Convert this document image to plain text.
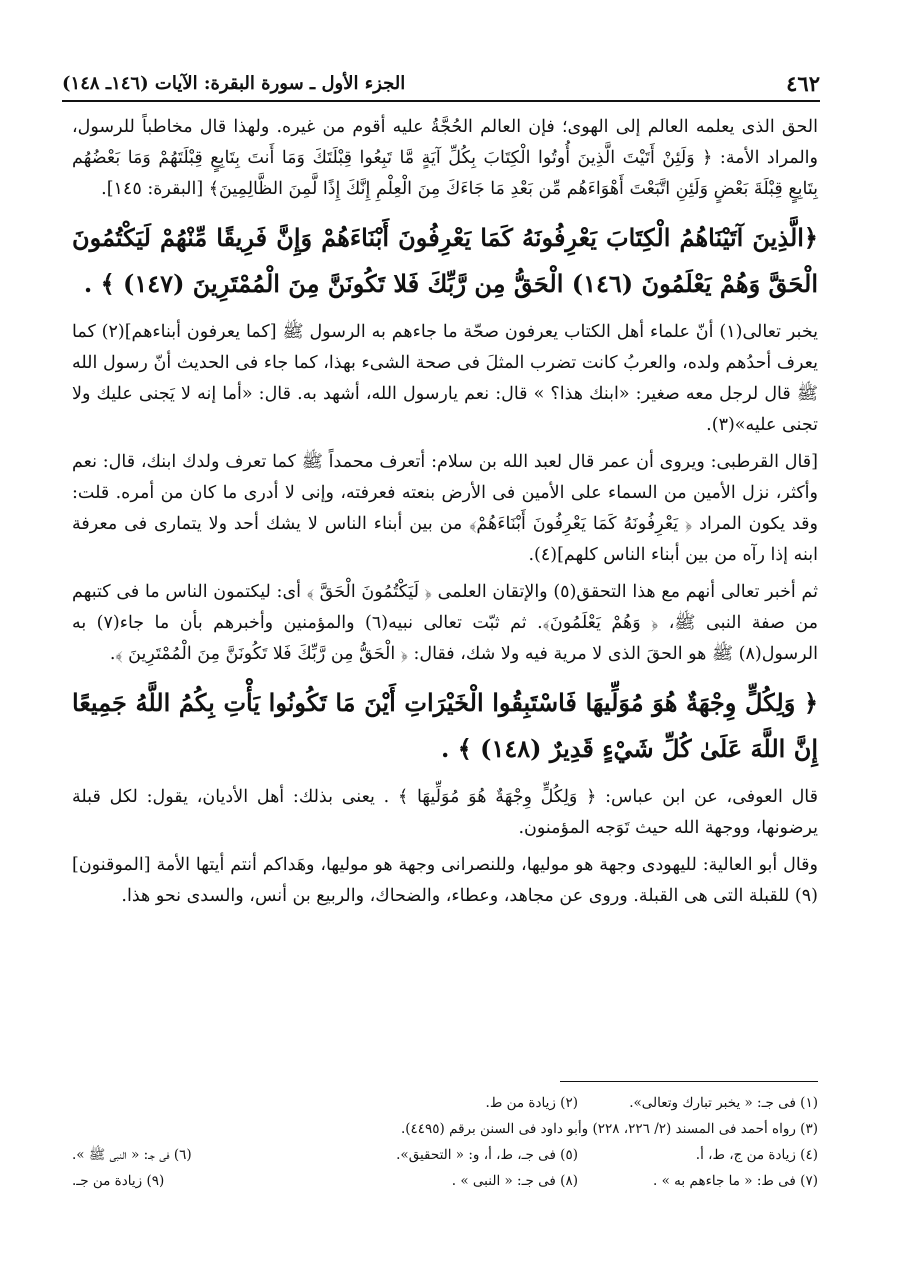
٤٦٢
الجزء الأول ـ سورة البقرة: الآيات (١٤٦ـ ١٤٨)

الحق الذى يعلمه العالم إلى الهوى؛ فإن العالم الحُجَّةُ عليه أقوم من غيره. ولهذا قال مخاطباً للرسول، والمراد الأمة: ﴿ وَلَئِنْ أَتَيْتَ الَّذِينَ أُوتُوا الْكِتَابَ بِكُلِّ آيَةٍ مَّا تَبِعُوا قِبْلَتَكَ وَمَا أَنتَ بِتَابِعٍ قِبْلَتَهُمْ وَمَا بَعْضُهُم بِتَابِعٍ قِبْلَةَ بَعْضٍ وَلَئِنِ اتَّبَعْتَ أَهْوَاءَهُم مِّن بَعْدِ مَا جَاءَكَ مِنَ الْعِلْمِ إِنَّكَ إِذًا لَّمِنَ الظَّالِمِينَ﴾ [البقرة: ١٤٥].

﴿الَّذِينَ آتَيْنَاهُمُ الْكِتَابَ يَعْرِفُونَهُ كَمَا يَعْرِفُونَ أَبْنَاءَهُمْ وَإِنَّ فَرِيقًا مِّنْهُمْ لَيَكْتُمُونَ الْحَقَّ وَهُمْ يَعْلَمُونَ (١٤٦) الْحَقُّ مِن رَّبِّكَ فَلا تَكُونَنَّ مِنَ الْمُمْتَرِينَ (١٤٧) ﴾ .

يخبر تعالى(١) أنّ علماء أهل الكتاب يعرفون صحّة ما جاءهم به الرسول ﷺ [كما يعرفون أبناءهم](٢) كما يعرف أحدُهم ولده، والعربُ كانت تضرب المثلَ فى صحة الشىء بهذا، كما جاء فى الحديث أنّ رسول الله ﷺ قال لرجل معه صغير: «ابنك هذا؟ » قال: نعم يارسول الله، أشهد به. قال: «أما إنه لا يَجنى عليك ولا تجنى عليه»(٣).

[قال القرطبى: ويروى أن عمر قال لعبد الله بن سلام: أتعرف محمداً ﷺ كما تعرف ولدك ابنك، قال: نعم وأكثر، نزل الأمين من السماء على الأمين فى الأرض بنعته فعرفته، وإنى لا أدرى ما كان من أمره. قلت: وقد يكون المراد ﴿ يَعْرِفُونَهُ كَمَا يَعْرِفُونَ أَبْنَاءَهُمْ﴾ من بين أبناء الناس لا يشك أحد ولا يتمارى فى معرفة ابنه إذا رآه من بين أبناء الناس كلهم](٤).

ثم أخبر تعالى أنهم مع هذا التحقق(٥) والإتقان العلمى ﴿ لَيَكْتُمُونَ الْحَقَّ ﴾ أى: ليكتمون الناس ما فى كتبهم من صفة النبى ﷺ، ﴿ وَهُمْ يَعْلَمُونَ﴾. ثم ثبّت تعالى نبيه(٦) والمؤمنين وأخبرهم بأن ما جاء(٧) به الرسول(٨) ﷺ هو الحقَ الذى لا مرية فيه ولا شك، فقال: ﴿ الْحَقُّ مِن رَّبِّكَ فَلا تَكُونَنَّ مِنَ الْمُمْتَرِينَ ﴾.

﴿ وَلِكُلٍّ وِجْهَةٌ هُوَ مُوَلِّيهَا فَاسْتَبِقُوا الْخَيْرَاتِ أَيْنَ مَا تَكُونُوا يَأْتِ بِكُمُ اللَّهُ جَمِيعًا إِنَّ اللَّهَ عَلَىٰ كُلِّ شَيْءٍ قَدِيرٌ (١٤٨) ﴾ .

قال العوفى، عن ابن عباس: ﴿ وَلِكُلٍّ وِجْهَةٌ هُوَ مُوَلِّيهَا ﴾ . يعنى بذلك: أهل الأديان، يقول: لكل قبلة يرضونها، ووجهة الله حيث تَوَجه المؤمنون.

وقال أبو العالية: لليهودى وجهة هو موليها، وللنصرانى وجهة هو موليها، وهَداكم أنتم أيتها الأمة [الموقنون](٩) للقبلة التى هى القبلة. وروى عن مجاهد، وعطاء، والضحاك، والربيع بن أنس، والسدى نحو هذا.

(١) فى جـ: « يخبر تبارك وتعالى».
(٢) زيادة من ط.
(٣) رواه أحمد فى المسند (٢/ ٢٢٦، ٢٢٨) وأبو داود فى السنن برقم (٤٤٩٥).
(٤) زيادة من ج، ط، أ.
(٥) فى جـ، ط، أ، و: « التحقيق».
(٦) فى جـ: « النبى ﷺ ».
(٧) فى ط: « ما جاءهم به » .
(٨) فى جـ: « النبى » .
(٩) زيادة من جـ.
